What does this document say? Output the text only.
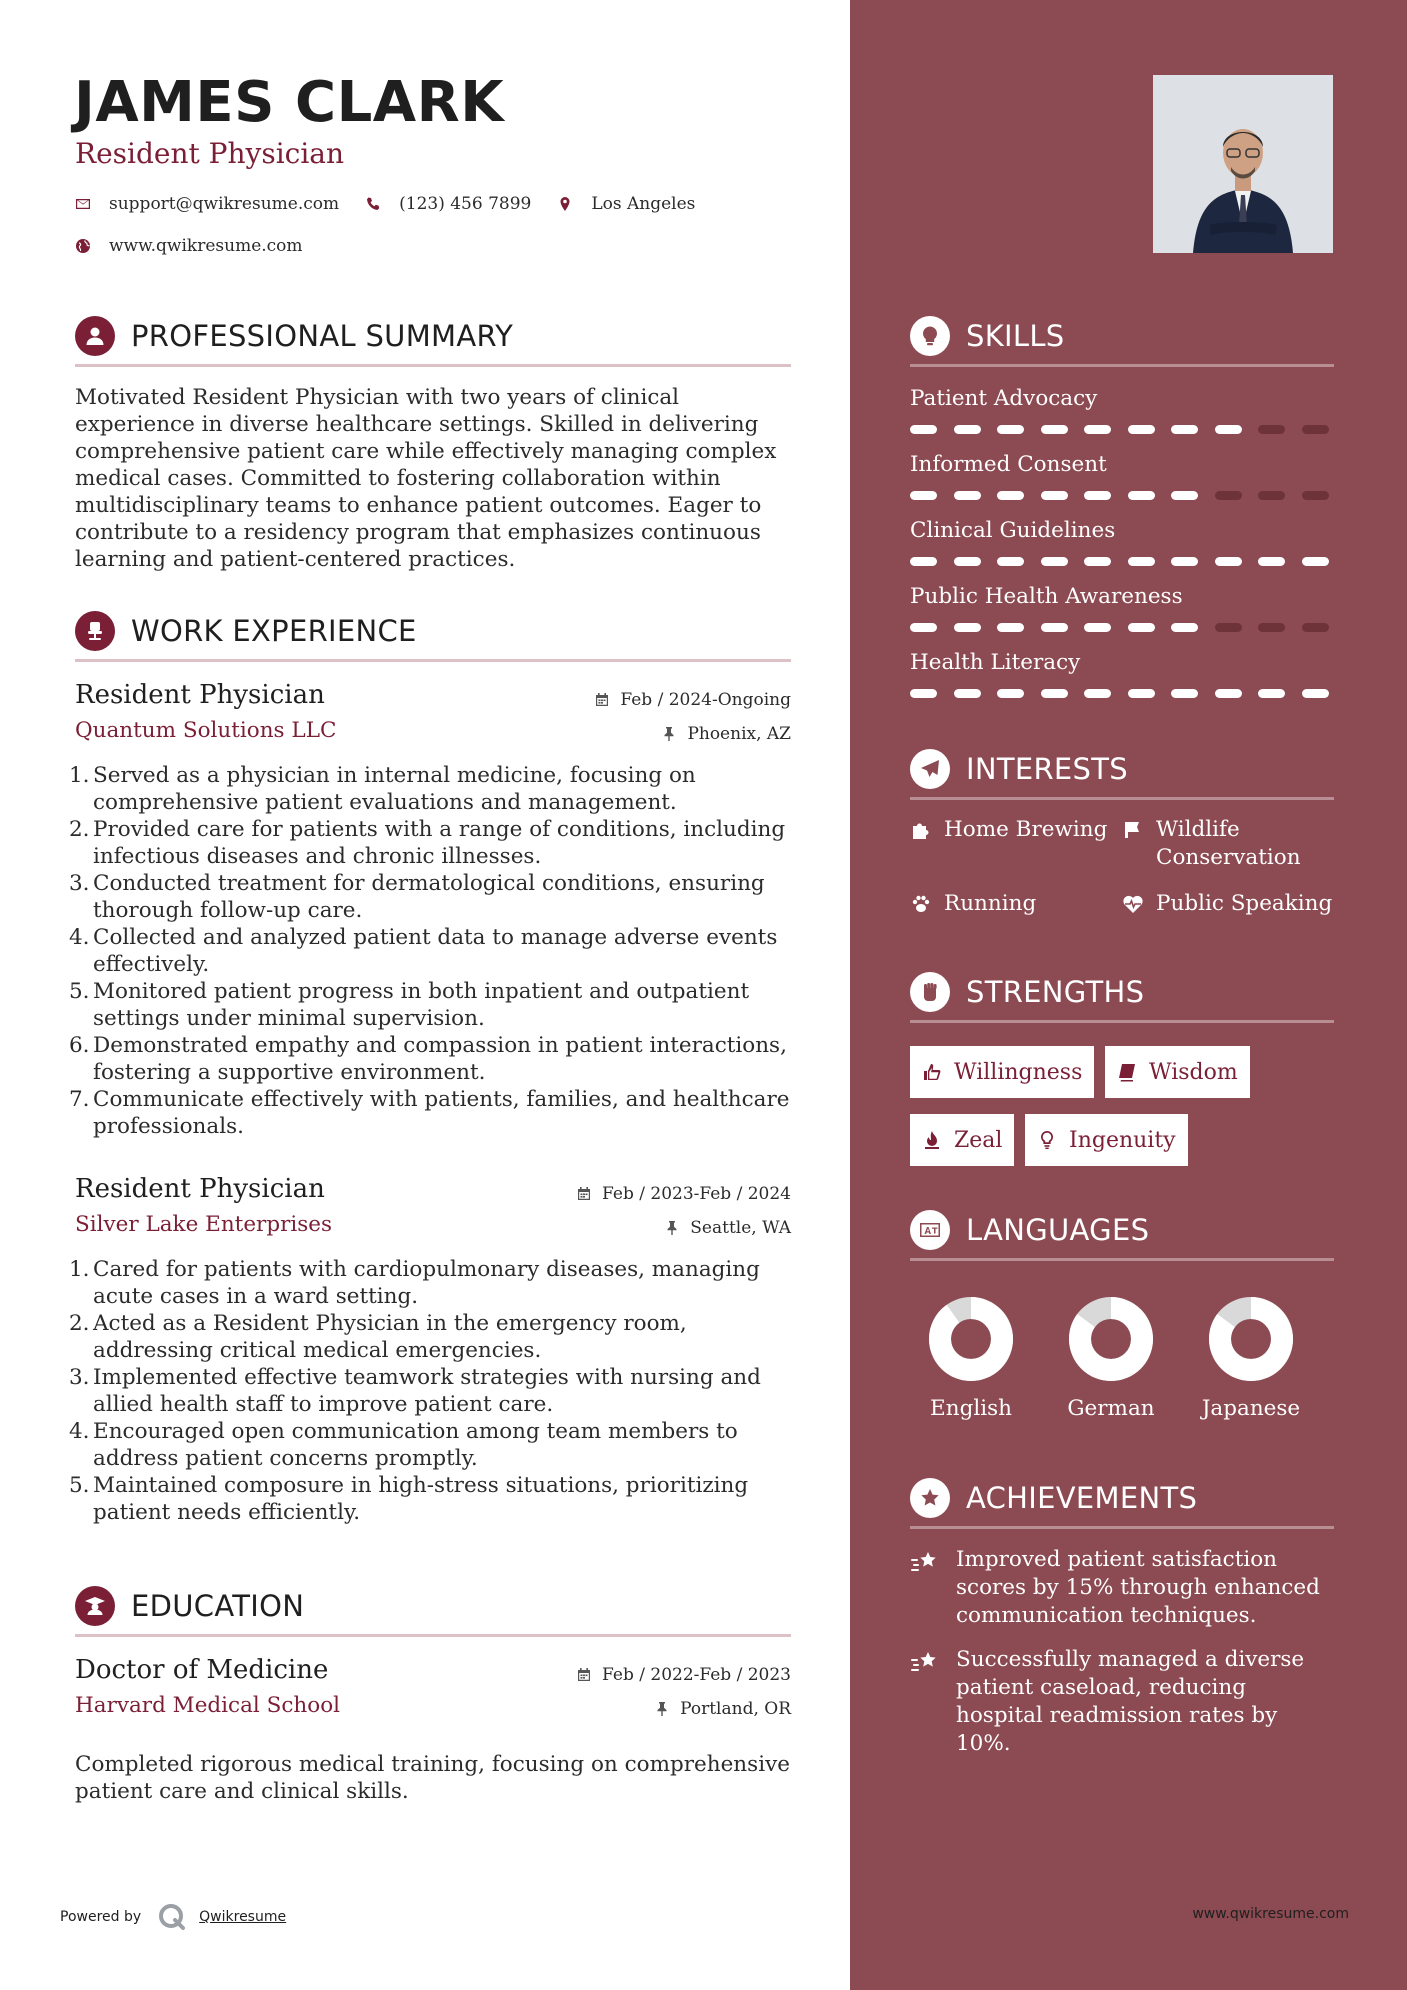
JAMES CLARK
Resident Physician
support@qwikresume.com	(123) 456 7899	Los Angeles
www.qwikresume.com
PROFESSIONAL SUMMARY

Motivated Resident Physician with two years of clinical experience in diverse healthcare settings. Skilled in delivering comprehensive patient care while effectively managing complex medical cases. Committed to fostering collaboration within multidisciplinary teams to enhance patient outcomes. Eager to contribute to a residency program that emphasizes continuous learning and patient-centered practices.

WORK EXPERIENCE
Resident Physician
Quantum Solutions LLC
Feb / 2024-Ongoing
Phoenix, AZ
1. Served as a physician in internal medicine, focusing on comprehensive patient evaluations and management.
2. Provided care for patients with a range of conditions, including infectious diseases and chronic illnesses.
3. Conducted treatment for dermatological conditions, ensuring thorough follow-up care.
4. Collected and analyzed patient data to manage adverse events effectively.
5. Monitored patient progress in both inpatient and outpatient settings under minimal supervision.
6. Demonstrated empathy and compassion in patient interactions, fostering a supportive environment.
7. Communicate effectively with patients, families, and healthcare professionals.
Resident Physician
Silver Lake Enterprises
Feb / 2023-Feb / 2024
Seattle, WA
1. Cared for patients with cardiopulmonary diseases, managing acute cases in a ward setting.
2. Acted as a Resident Physician in the emergency room, addressing critical medical emergencies.
3. Implemented effective teamwork strategies with nursing and allied health staff to improve patient care.
4. Encouraged open communication among team members to address patient concerns promptly.
5. Maintained composure in high-stress situations, prioritizing patient needs efficiently.
EDUCATION
Doctor of Medicine
Harvard Medical School
Feb / 2022-Feb / 2023
Portland, OR

Completed rigorous medical training, focusing on comprehensive patient care and clinical skills.

Powered by	Qwikresume
SKILLS
Patient Advocacy
Informed Consent
Clinical Guidelines
Public Health Awareness
Health Literacy
INTERESTS
Home Brewing Wildlife Conservation
Running	Public Speaking
STRENGTHS
Willingness	Wisdom
Zeal	Ingenuity
LANGUAGES
English	German	Japanese
ACHIEVEMENTS
Improved patient satisfaction scores by 15% through enhanced communication techniques.
Successfully managed a diverse patient caseload, reducing hospital readmission rates by 10%.
www.qwikresume.com
